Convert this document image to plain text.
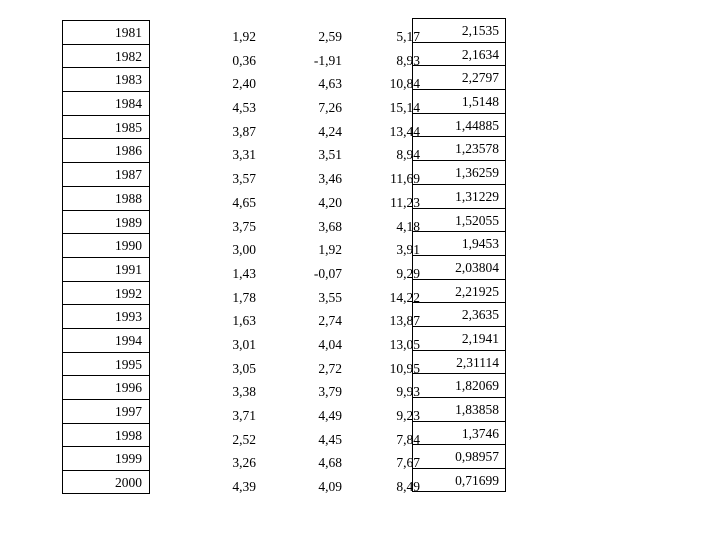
1981
1982
1983
1984
1985
1986
1987
1988
1989
1990
1991
1992
1993
1994
1995
1996
1997
1998
1999
2000
1,92
0,36
2,40
4,53
3,87
3,31
3,57
4,65
3,75
3,00
1,43
1,78
1,63
3,01
3,05
3,38
3,71
2,52
3,26
4,39
2,59
-1,91
4,63
7,26
4,24
3,51
3,46
4,20
3,68
1,92
-0,07
3,55
2,74
4,04
2,72
3,79
4,49
4,45
4,68
4,09
5,17
8,93
10,84
15,14
13,44
8,94
11,69
11,23
4,18
3,91
9,29
14,22
13,87
13,05
10,95
9,93
9,23
7,84
7,67
8,49
2,1535
2,1634
2,2797
1,5148
1,44885
1,23578
1,36259
1,31229
1,52055
1,9453
2,03804
2,21925
2,3635
2,1941
2,31114
1,82069
1,83858
1,3746
0,98957
0,71699
